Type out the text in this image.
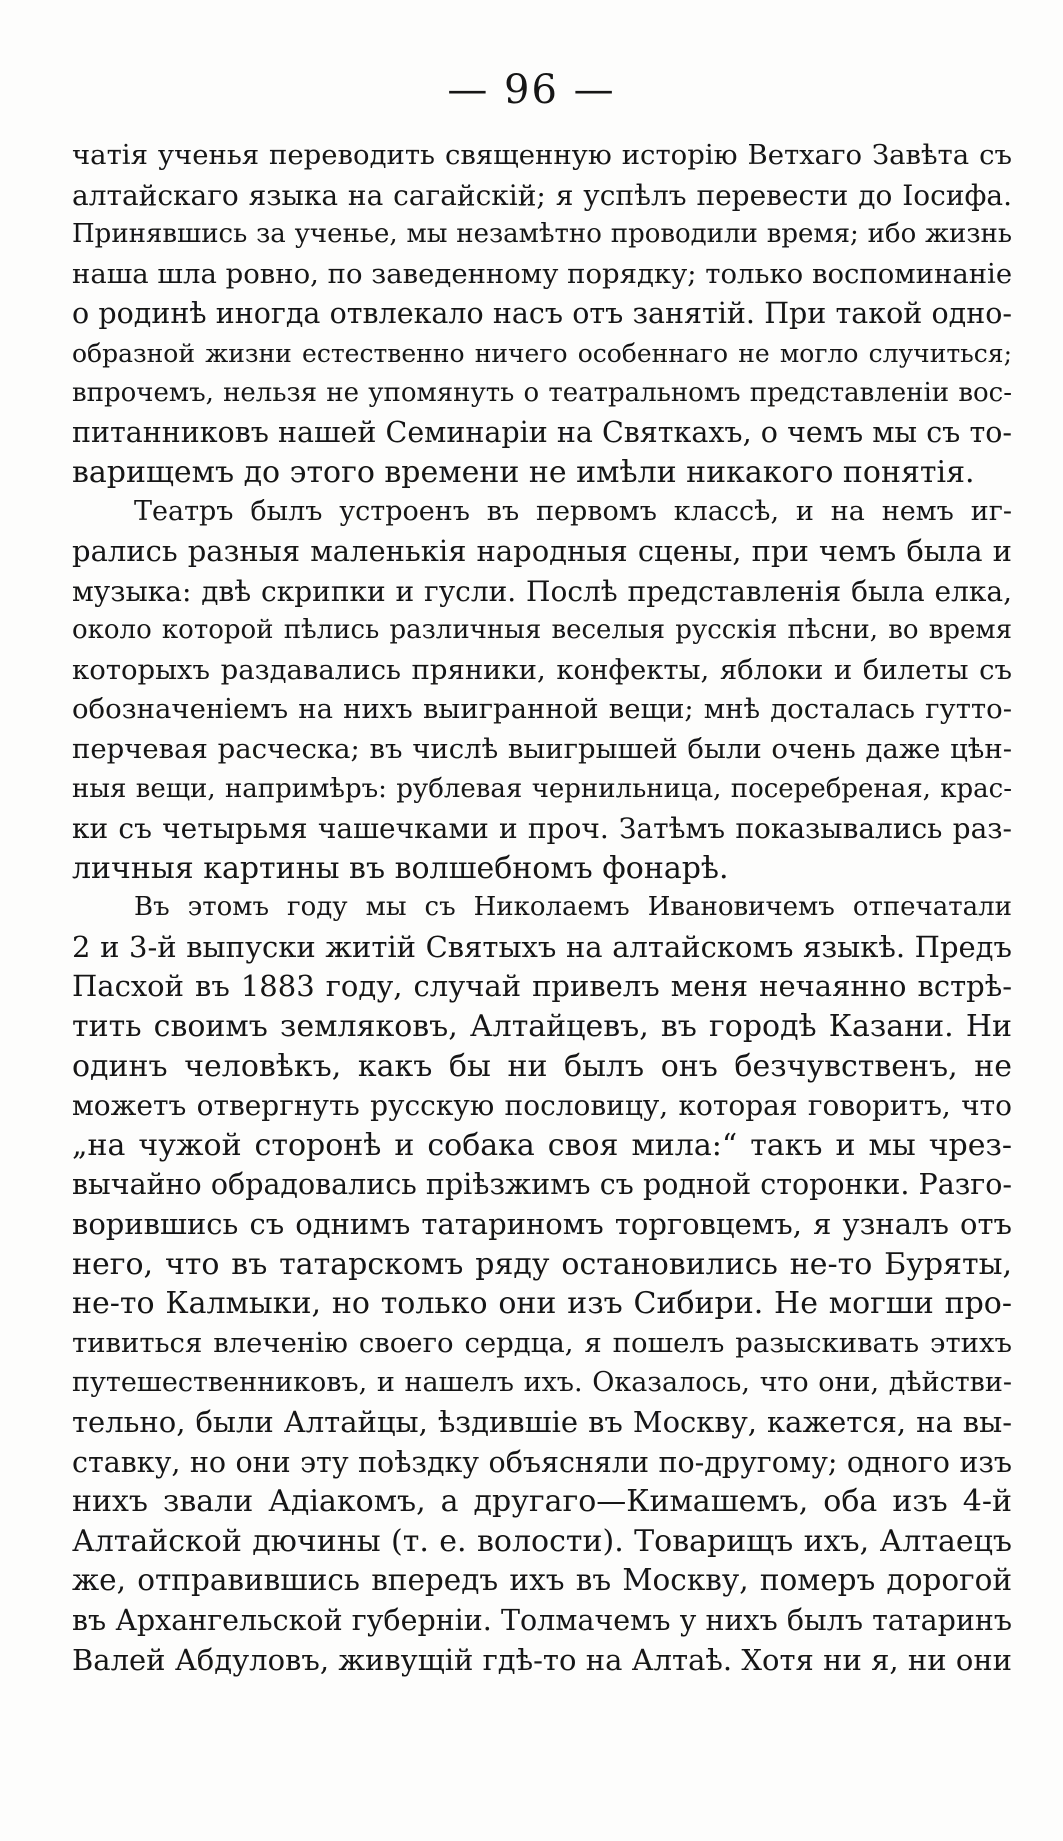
— 96 —
чатія ученья переводить священную исторію Ветхаго Завѣта съ
алтайскаго языка на сагайскій; я успѣлъ перевести до Іосифа.
Принявшись за ученье, мы незамѣтно проводили время; ибо жизнь
наша шла ровно, по заведенному порядку; только воспоминаніе
о родинѣ иногда отвлекало насъ отъ занятій. При такой одно-
образной жизни естественно ничего особеннаго не могло случиться;
впрочемъ, нельзя не упомянуть о театральномъ представленіи вос-
питанниковъ нашей Семинаріи на Святкахъ, о чемъ мы съ то-
варищемъ до этого времени не имѣли никакого понятія.
Театръ былъ устроенъ въ первомъ классѣ, и на немъ иг-
рались разныя маленькія народныя сцены, при чемъ была и
музыка: двѣ скрипки и гусли. Послѣ представленія была елка,
около которой пѣлись различныя веселыя русскія пѣсни, во время
которыхъ раздавались пряники, конфекты, яблоки и билеты съ
обозначеніемъ на нихъ выигранной вещи; мнѣ досталась гутто-
перчевая расческа; въ числѣ выигрышей были очень даже цѣн-
ныя вещи, напримѣръ: рублевая чернильница, посеребреная, крас-
ки съ четырьмя чашечками и проч. Затѣмъ показывались раз-
личныя картины въ волшебномъ фонарѣ.
Въ этомъ году мы съ Николаемъ Ивановичемъ отпечатали
2 и 3-й выпуски житій Святыхъ на алтайскомъ языкѣ. Предъ
Пасхой въ 1883 году, случай привелъ меня нечаянно встрѣ-
тить своимъ земляковъ, Алтайцевъ, въ городѣ Казани. Ни
одинъ человѣкъ, какъ бы ни былъ онъ безчувственъ, не
можетъ отвергнуть русскую пословицу, которая говоритъ, что
„на чужой сторонѣ и собака своя мила:“ такъ и мы чрез-
вычайно обрадовались пріѣзжимъ съ родной сторонки. Разго-
ворившись съ однимъ татариномъ торговцемъ, я узналъ отъ
него, что въ татарскомъ ряду остановились не-то Буряты,
не-то Калмыки, но только они изъ Сибири. Не могши про-
тивиться влеченію своего сердца, я пошелъ разыскивать этихъ
путешественниковъ, и нашелъ ихъ. Оказалось, что они, дѣйстви-
тельно, были Алтайцы, ѣздившіе въ Москву, кажется, на вы-
ставку, но они эту поѣздку объясняли по-другому; одного изъ
нихъ звали Адіакомъ, а другаго—Кимашемъ, оба изъ 4-й
Алтайской дючины (т. е. волости). Товарищъ ихъ, Алтаецъ
же, отправившись впередъ ихъ въ Москву, померъ дорогой
въ Архангельской губерніи. Толмачемъ у нихъ былъ татаринъ
Валей Абдуловъ, живущій гдѣ-то на Алтаѣ. Хотя ни я, ни они
